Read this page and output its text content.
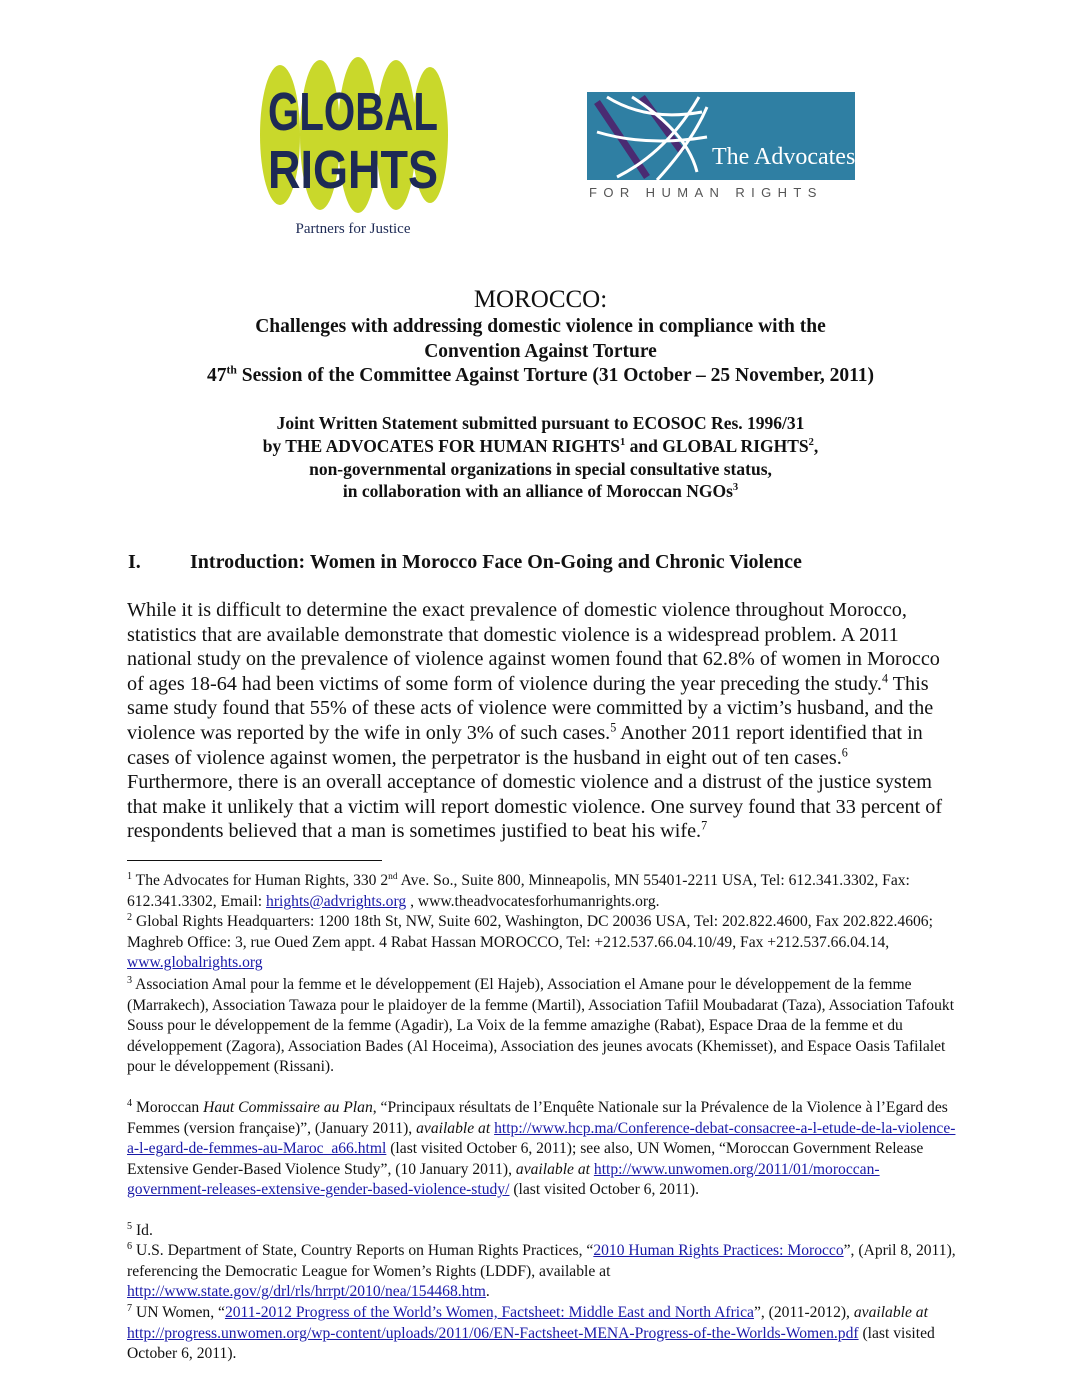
GLOBAL
RIGHTS
Partners for Justice
The Advocates
FOR HUMAN RIGHTS
MOROCCO:
Challenges with addressing domestic violence in compliance with the
Convention Against Torture
47th Session of the Committee Against Torture (31 October – 25 November, 2011)
Joint Written Statement submitted pursuant to ECOSOC Res. 1996/31
by THE ADVOCATES FOR HUMAN RIGHTS$^1$ and GLOBAL RIGHTS$^2$,
non-governmental organizations in special consultative status,
in collaboration with an alliance of Moroccan NGOs$^3$
I. Introduction: Women in Morocco Face On-Going and Chronic Violence
While it is difficult to determine the exact prevalence of domestic violence throughout Morocco, statistics that are available demonstrate that domestic violence is a widespread problem. A 2011 national study on the prevalence of violence against women found that 62.8% of women in Morocco of ages 18-64 had been victims of some form of violence during the year preceding the study.$^4$ This same study found that 55% of these acts of violence were committed by a victim’s husband, and the violence was reported by the wife in only 3% of such cases.$^5$ Another 2011 report identified that in cases of violence against women, the perpetrator is the husband in eight out of ten cases.$^6$ Furthermore, there is an overall acceptance of domestic violence and a distrust of the justice system that make it unlikely that a victim will report domestic violence. One survey found that 33 percent of respondents believed that a man is sometimes justified to beat his wife.$^7$
$^1$ The Advocates for Human Rights, 330 2nd Ave. So., Suite 800, Minneapolis, MN 55401-2211 USA, Tel: 612.341.3302, Fax: 612.341.3302, Email: hrights@advrights.org , www.theadvocatesforhumanrights.org.
$^2$ Global Rights Headquarters: 1200 18th St, NW, Suite 602, Washington, DC 20036 USA, Tel: 202.822.4600, Fax 202.822.4606; Maghreb Office: 3, rue Oued Zem appt. 4 Rabat Hassan MOROCCO, Tel: +212.537.66.04.10/49, Fax +212.537.66.04.14, www.globalrights.org
$^3$ Association Amal pour la femme et le développement (El Hajeb), Association el Amane pour le développement de la femme (Marrakech), Association Tawaza pour le plaidoyer de la femme (Martil), Association Tafiil Moubadarat (Taza), Association Tafoukt Souss pour le développement de la femme (Agadir), La Voix de la femme amazighe (Rabat), Espace Draa de la femme et du développement (Zagora), Association Bades (Al Hoceima), Association des jeunes avocats (Khemisset), and Espace Oasis Tafilalet pour le développement (Rissani).
$^4$ Moroccan Haut Commissaire au Plan, “Principaux résultats de l’Enquête Nationale sur la Prévalence de la Violence à l’Egard des Femmes (version française)”, (January 2011), available at http://www.hcp.ma/Conference-debat-consacree-a-l-etude-de-la-violence-a-l-egard-de-femmes-au-Maroc_a66.html (last visited October 6, 2011); see also, UN Women, “Moroccan Government Release Extensive Gender-Based Violence Study”, (10 January 2011), available at http://www.unwomen.org/2011/01/moroccan-government-releases-extensive-gender-based-violence-study/ (last visited October 6, 2011).
$^5$ Id.
$^6$ U.S. Department of State, Country Reports on Human Rights Practices, “2010 Human Rights Practices: Morocco”, (April 8, 2011), referencing the Democratic League for Women’s Rights (LDDF), available at http://www.state.gov/g/drl/rls/hrrpt/2010/nea/154468.htm.
$^7$ UN Women, “2011-2012 Progress of the World’s Women, Factsheet: Middle East and North Africa”, (2011-2012), available at http://progress.unwomen.org/wp-content/uploads/2011/06/EN-Factsheet-MENA-Progress-of-the-Worlds-Women.pdf (last visited October 6, 2011).
